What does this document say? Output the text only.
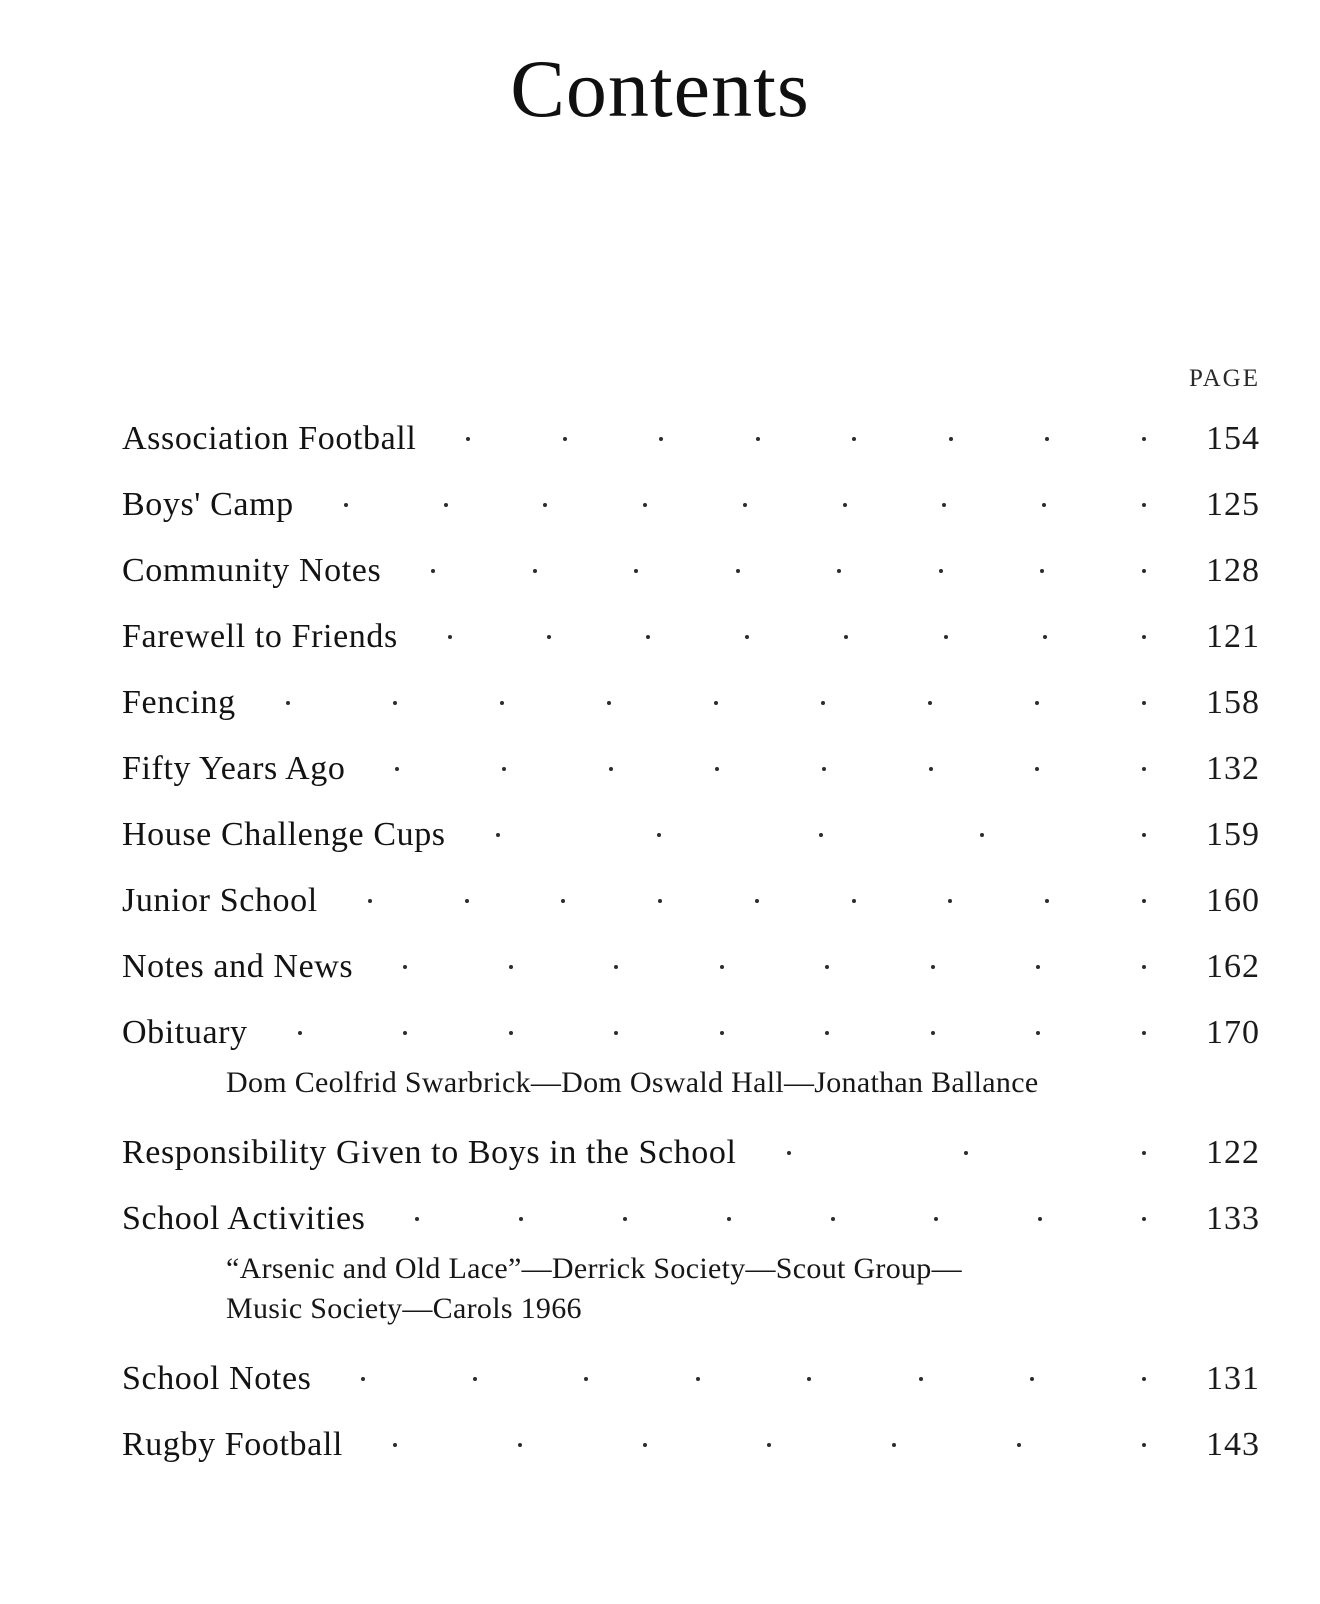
Contents
PAGE
Association Football	154
Boys' Camp	125
Community Notes	128
Farewell to Friends	121
Fencing	158
Fifty Years Ago	132
House Challenge Cups	159
Junior School	160
Notes and News	162
Obituary	170
Dom Ceolfrid Swarbrick—Dom Oswald Hall—Jonathan Ballance
Responsibility Given to Boys in the School	122
School Activities	133
“Arsenic and Old Lace”—Derrick Society—Scout Group—
Music Society—Carols 1966
School Notes	131
Rugby Football	143
